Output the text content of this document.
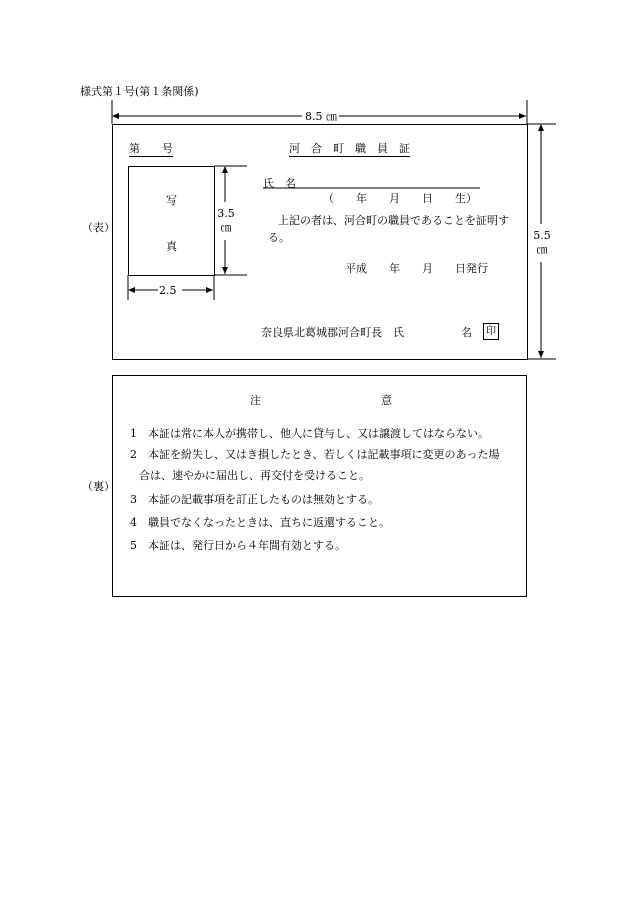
様式第１号(第１条関係)
8.5 ㎝
5.5 ㎝
3.5 ㎝
2.5
（表）
第　　号	河　合　町　職　員　証
写
真
氏　名
（　　年　　月　　日　　生）
上記の者は、河合町の職員であることを証明す
る。
平成　　年　　月　　日発行
奈良県北葛城郡河合町長　氏	名	印
（裏）
注	意
1　本証は常に本人が携帯し、他人に貸与し、又は譲渡してはならない。
2　本証を紛失し、又はき損したとき、若しくは記載事項に変更のあった場
合は、速やかに届出し、再交付を受けること。
3　本証の記載事項を訂正したものは無効とする。
4　職員でなくなったときは、直ちに返還すること。
5　本証は、発行日から４年間有効とする。
